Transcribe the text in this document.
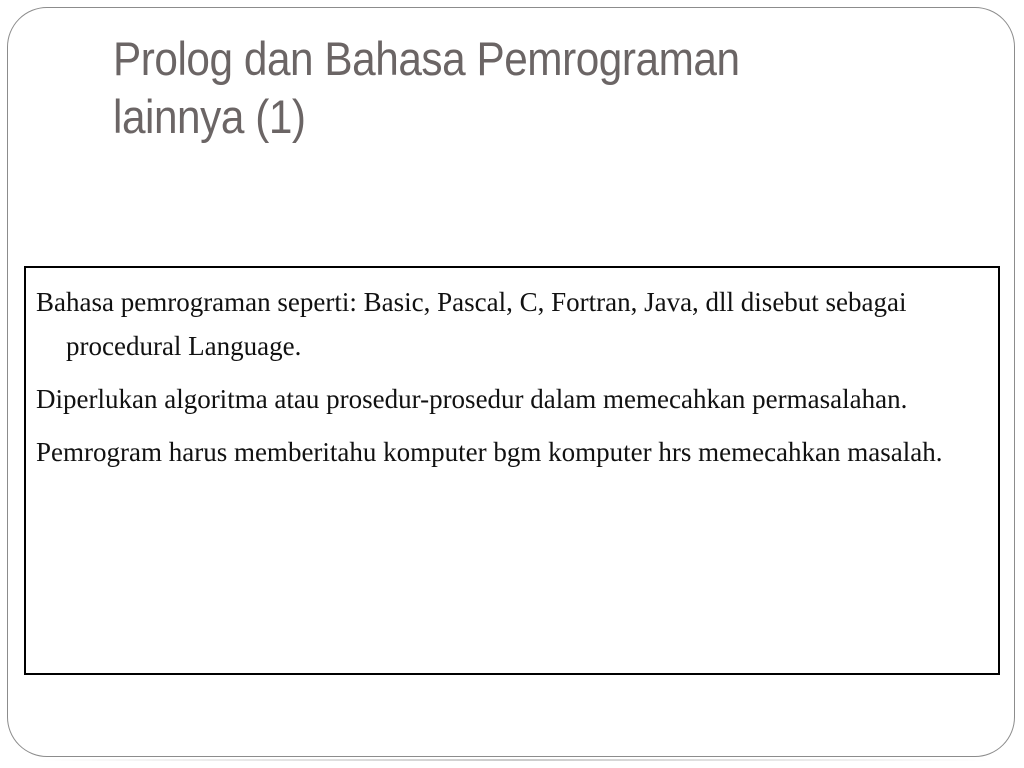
Prolog dan Bahasa Pemrograman lainnya (1)
Bahasa pemrograman seperti: Basic, Pascal, C, Fortran, Java, dll disebut sebagai procedural Language.
Diperlukan algoritma atau prosedur-prosedur dalam memecahkan permasalahan.
Pemrogram harus memberitahu komputer bgm komputer hrs memecahkan masalah.
